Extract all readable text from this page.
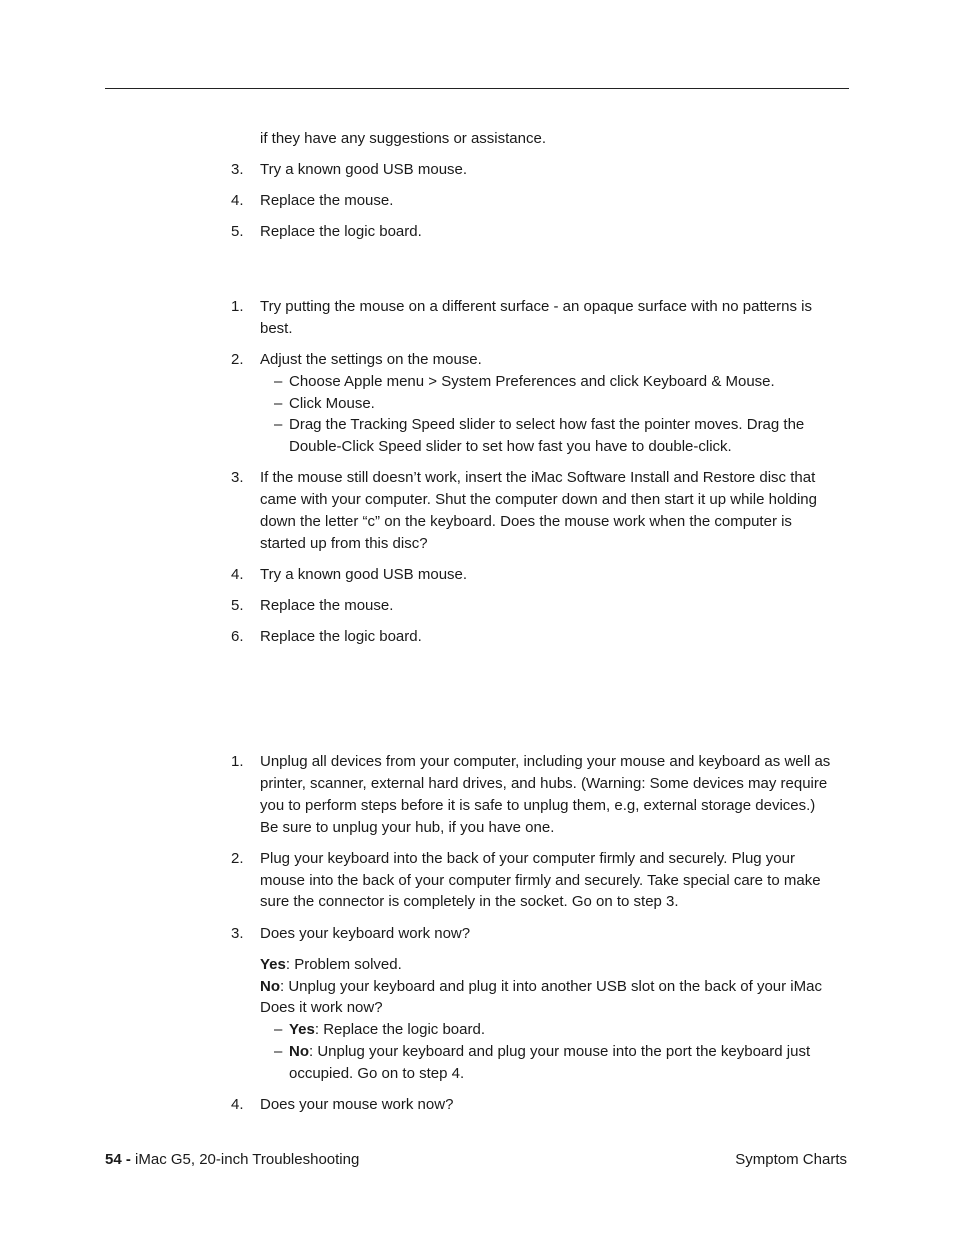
if they have any suggestions or assistance.
3. Try a known good USB mouse.
4. Replace the mouse.
5. Replace the logic board.
1. Try putting the mouse on a different surface - an opaque surface with no patterns is
best.
2. Adjust the settings on the mouse.
– Choose Apple menu > System Preferences and click Keyboard & Mouse.
– Click Mouse.
– Drag the Tracking Speed slider to select how fast the pointer moves. Drag the
Double-Click Speed slider to set how fast you have to double-click.
3. If the mouse still doesn’t work, insert the iMac Software Install and Restore disc that
came with your computer. Shut the computer down and then start it up while holding
down the letter “c” on the keyboard. Does the mouse work when the computer is
started up from this disc?
4. Try a known good USB mouse.
5. Replace the mouse.
6. Replace the logic board.
1. Unplug all devices from your computer, including your mouse and keyboard as well as
printer, scanner, external hard drives, and hubs. (Warning: Some devices may require
you to perform steps before it is safe to unplug them, e.g, external storage devices.)
Be sure to unplug your hub, if you have one.
2. Plug your keyboard into the back of your computer firmly and securely. Plug your
mouse into the back of your computer firmly and securely. Take special care to make
sure the connector is completely in the socket. Go on to step 3.
3. Does your keyboard work now?
Yes: Problem solved.
No: Unplug your keyboard and plug it into another USB slot on the back of your iMac
Does it work now?
– Yes: Replace the logic board.
– No: Unplug your keyboard and plug your mouse into the port the keyboard just
occupied. Go on to step 4.
4. Does your mouse work now?
54 - iMac G5, 20-inch Troubleshooting	Symptom Charts
